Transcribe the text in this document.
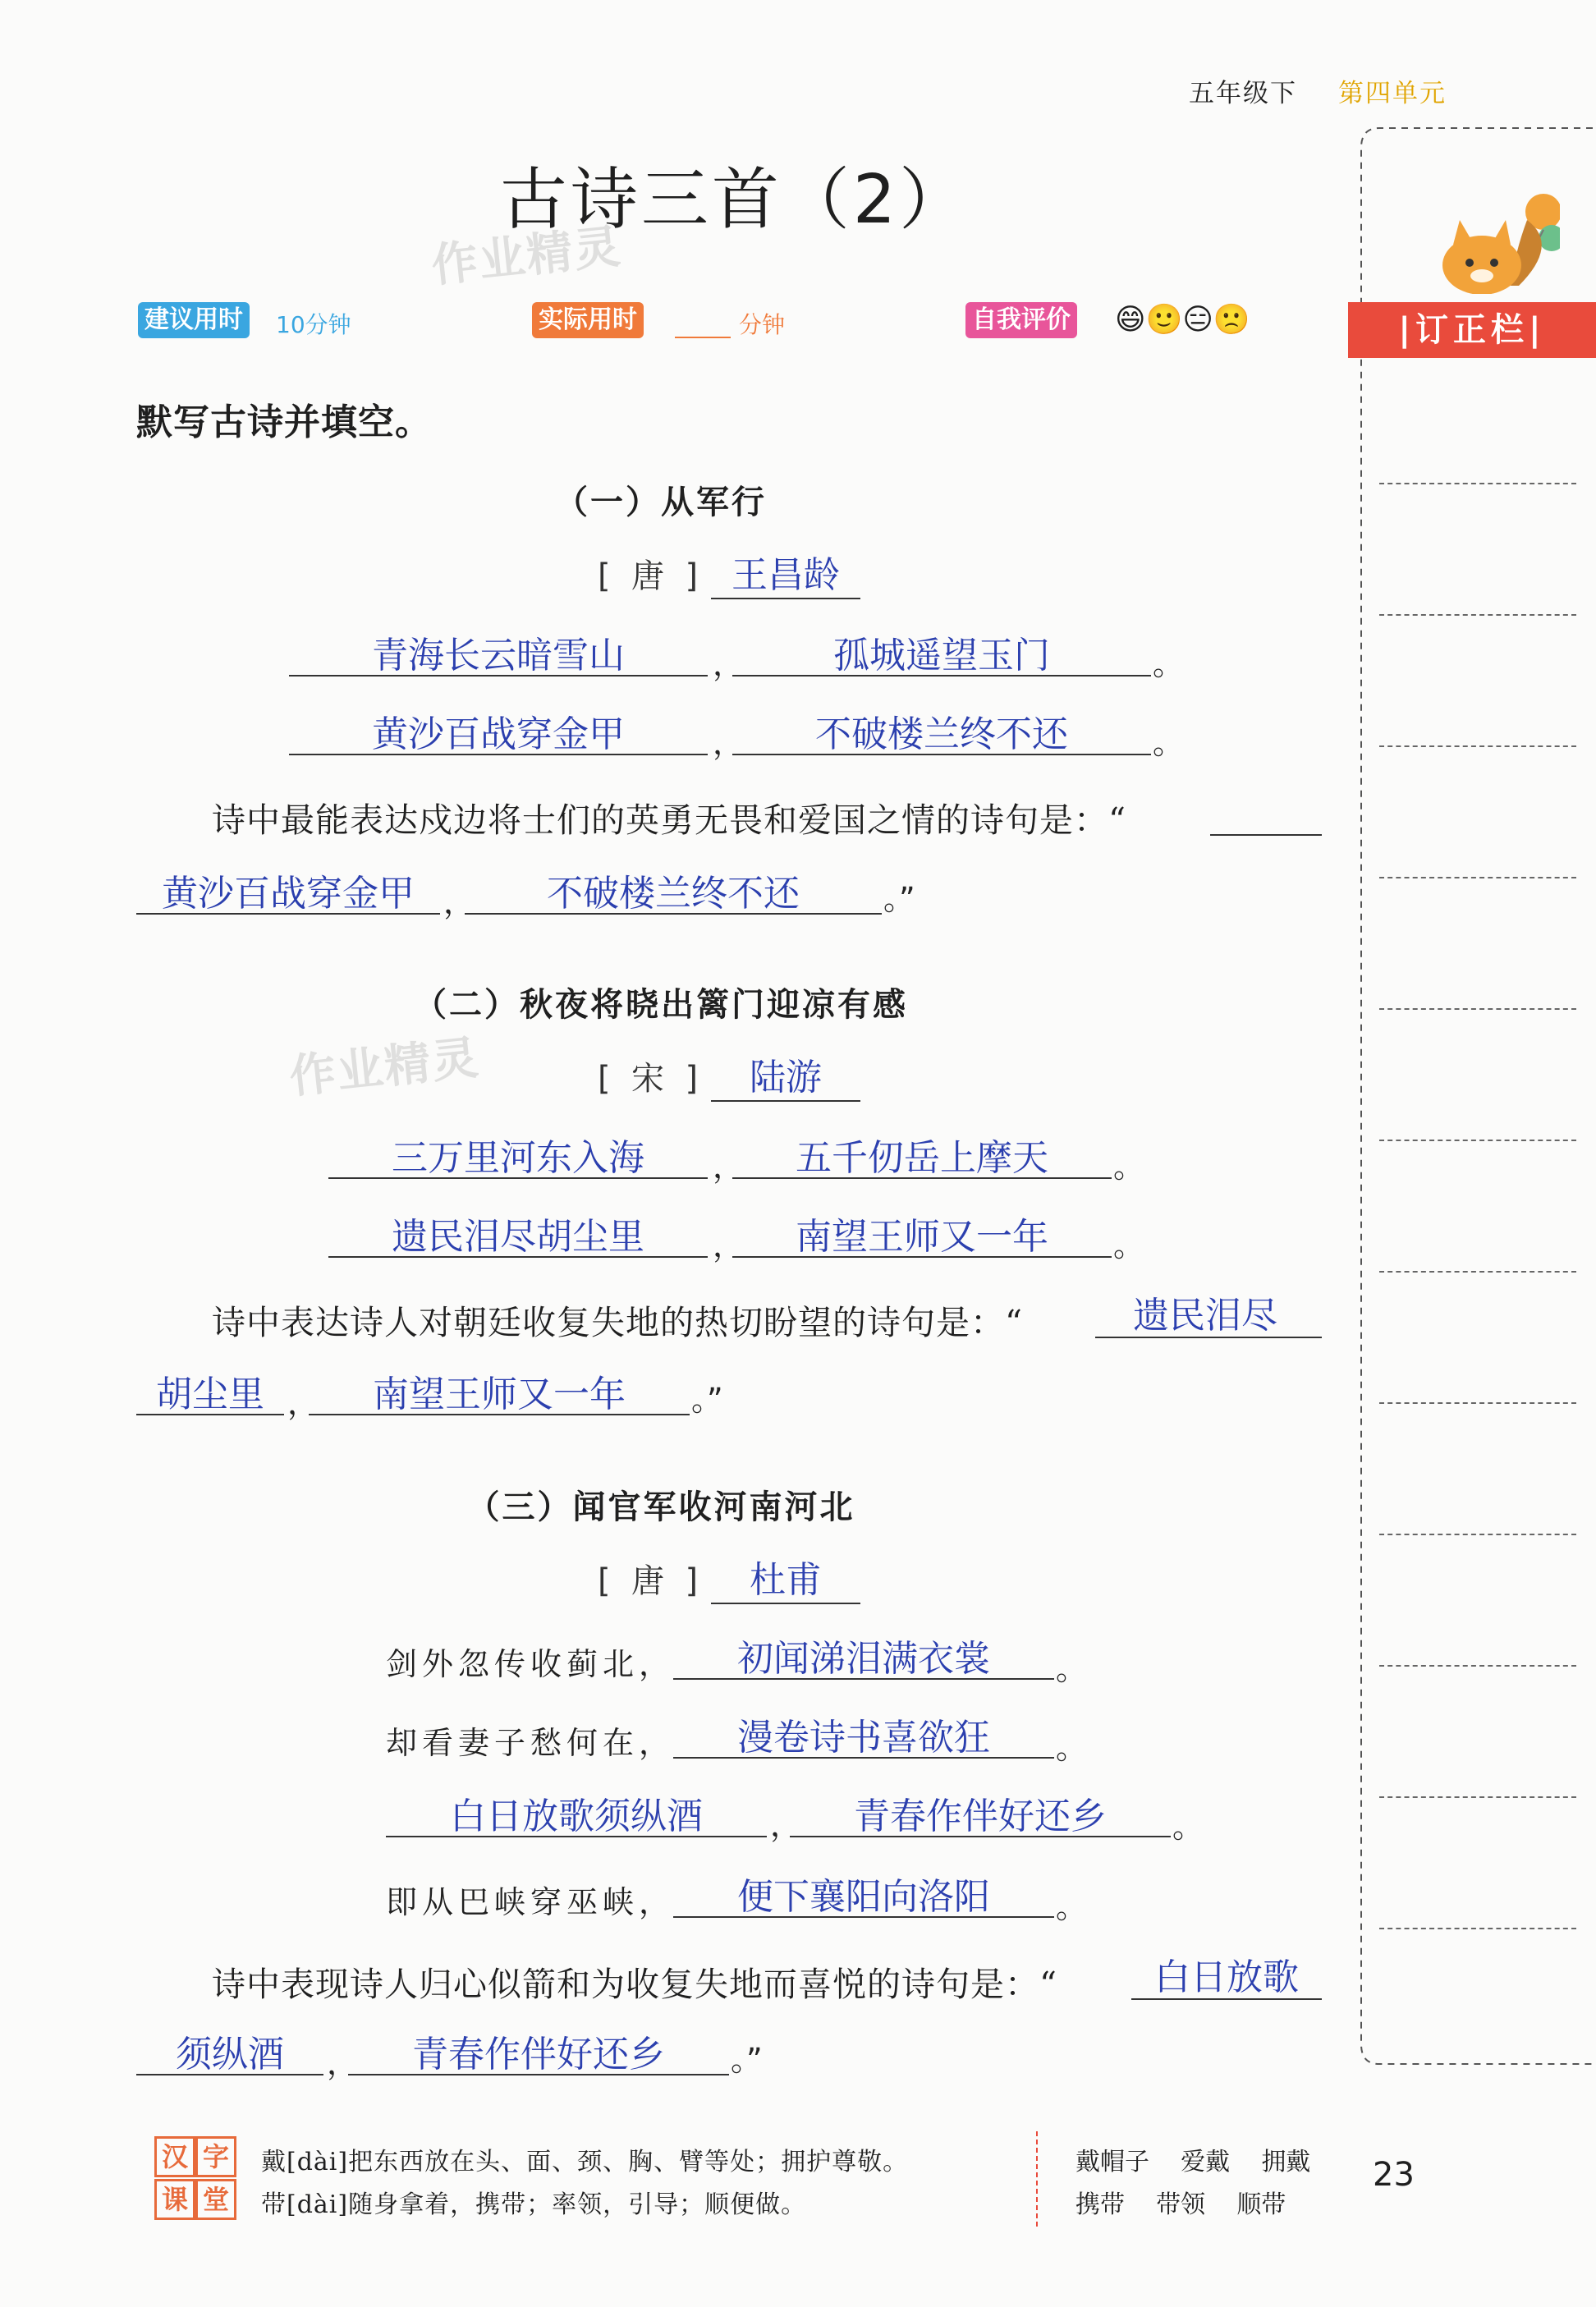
五年级下 第四单元
古诗三首（2）
作业精灵
建议用时 10分钟	实际用时	分钟	自我评价 😄🙂😑🙁	|订正栏|
默写古诗并填空。
（一）从军行
[  唐  ] 王昌龄
青海长云暗雪山	，	孤城遥望玉门	。
黄沙百战穿金甲	，	不破楼兰终不还	。
诗中最能表达戍边将士们的英勇无畏和爱国之情的诗句是：“
黄沙百战穿金甲 ，	不破楼兰终不还	。”
（二）秋夜将晓出篱门迎凉有感
作业精灵	[  宋  ]	陆游
三万里河东入海	，	五千仞岳上摩天	。
遗民泪尽胡尘里	，	南望王师又一年	。
诗中表达诗人对朝廷收复失地的热切盼望的诗句是：“	遗民泪尽
胡尘里 ，	南望王师又一年	。”
（三）闻官军收河南河北
[  唐  ]	杜甫
剑外忽传收蓟北，	初闻涕泪满衣裳	。
却看妻子愁何在，	漫卷诗书喜欲狂	。
白日放歌须纵酒	，	青春作伴好还乡	。
即从巴峡穿巫峡，	便下襄阳向洛阳	。
诗中表现诗人归心似箭和为收复失地而喜悦的诗句是：“	白日放歌
须纵酒	，	青春作伴好还乡	。”
汉 字
课 堂
戴[dài]把东西放在头、面、颈、胸、臂等处；拥护尊敬。
带[dài]随身拿着，携带；率领，引导；顺便做。
戴帽子 爱戴 拥戴
携带 带领 顺带
23
